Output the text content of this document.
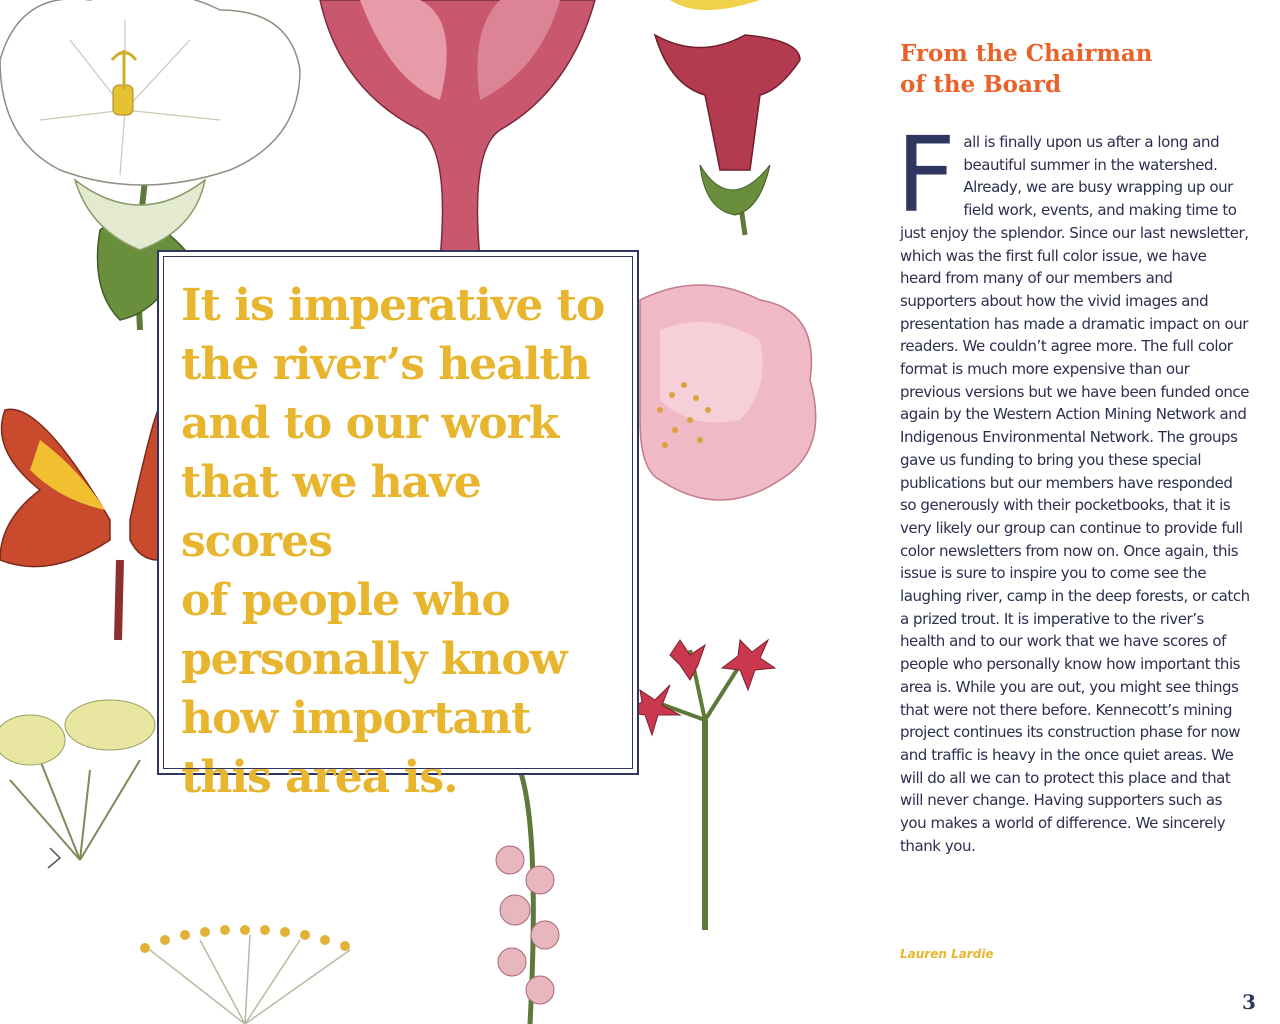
It is imperative to
the river’s health
and to our work
that we have scores
of people who
personally know
how important
this area is.

From the Chairman
of the Board

Fall is finally upon us after a long and beautiful summer in the watershed. Already, we are busy wrapping up our field work, events, and making time to just enjoy the splendor. Since our last newsletter, which was the first full color issue, we have heard from many of our members and supporters about how the vivid images and presentation has made a dramatic impact on our readers. We couldn’t agree more. The full color format is much more expensive than our previous versions but we have been funded once again by the Western Action Mining Network and Indigenous Environmental Network. The groups gave us funding to bring you these special publications but our members have responded so generously with their pocketbooks, that it is very likely our group can continue to provide full color newsletters from now on. Once again, this issue is sure to inspire you to come see the laughing river, camp in the deep forests, or catch a prized trout. It is imperative to the river’s health and to our work that we have scores of people who personally know how important this area is. While you are out, you might see things that were not there before. Kennecott’s mining project continues its construction phase for now and traffic is heavy in the once quiet areas. We will do all we can to protect this place and that will never change. Having supporters such as you makes a world of difference. We sincerely thank you.

Lauren Lardie

3
